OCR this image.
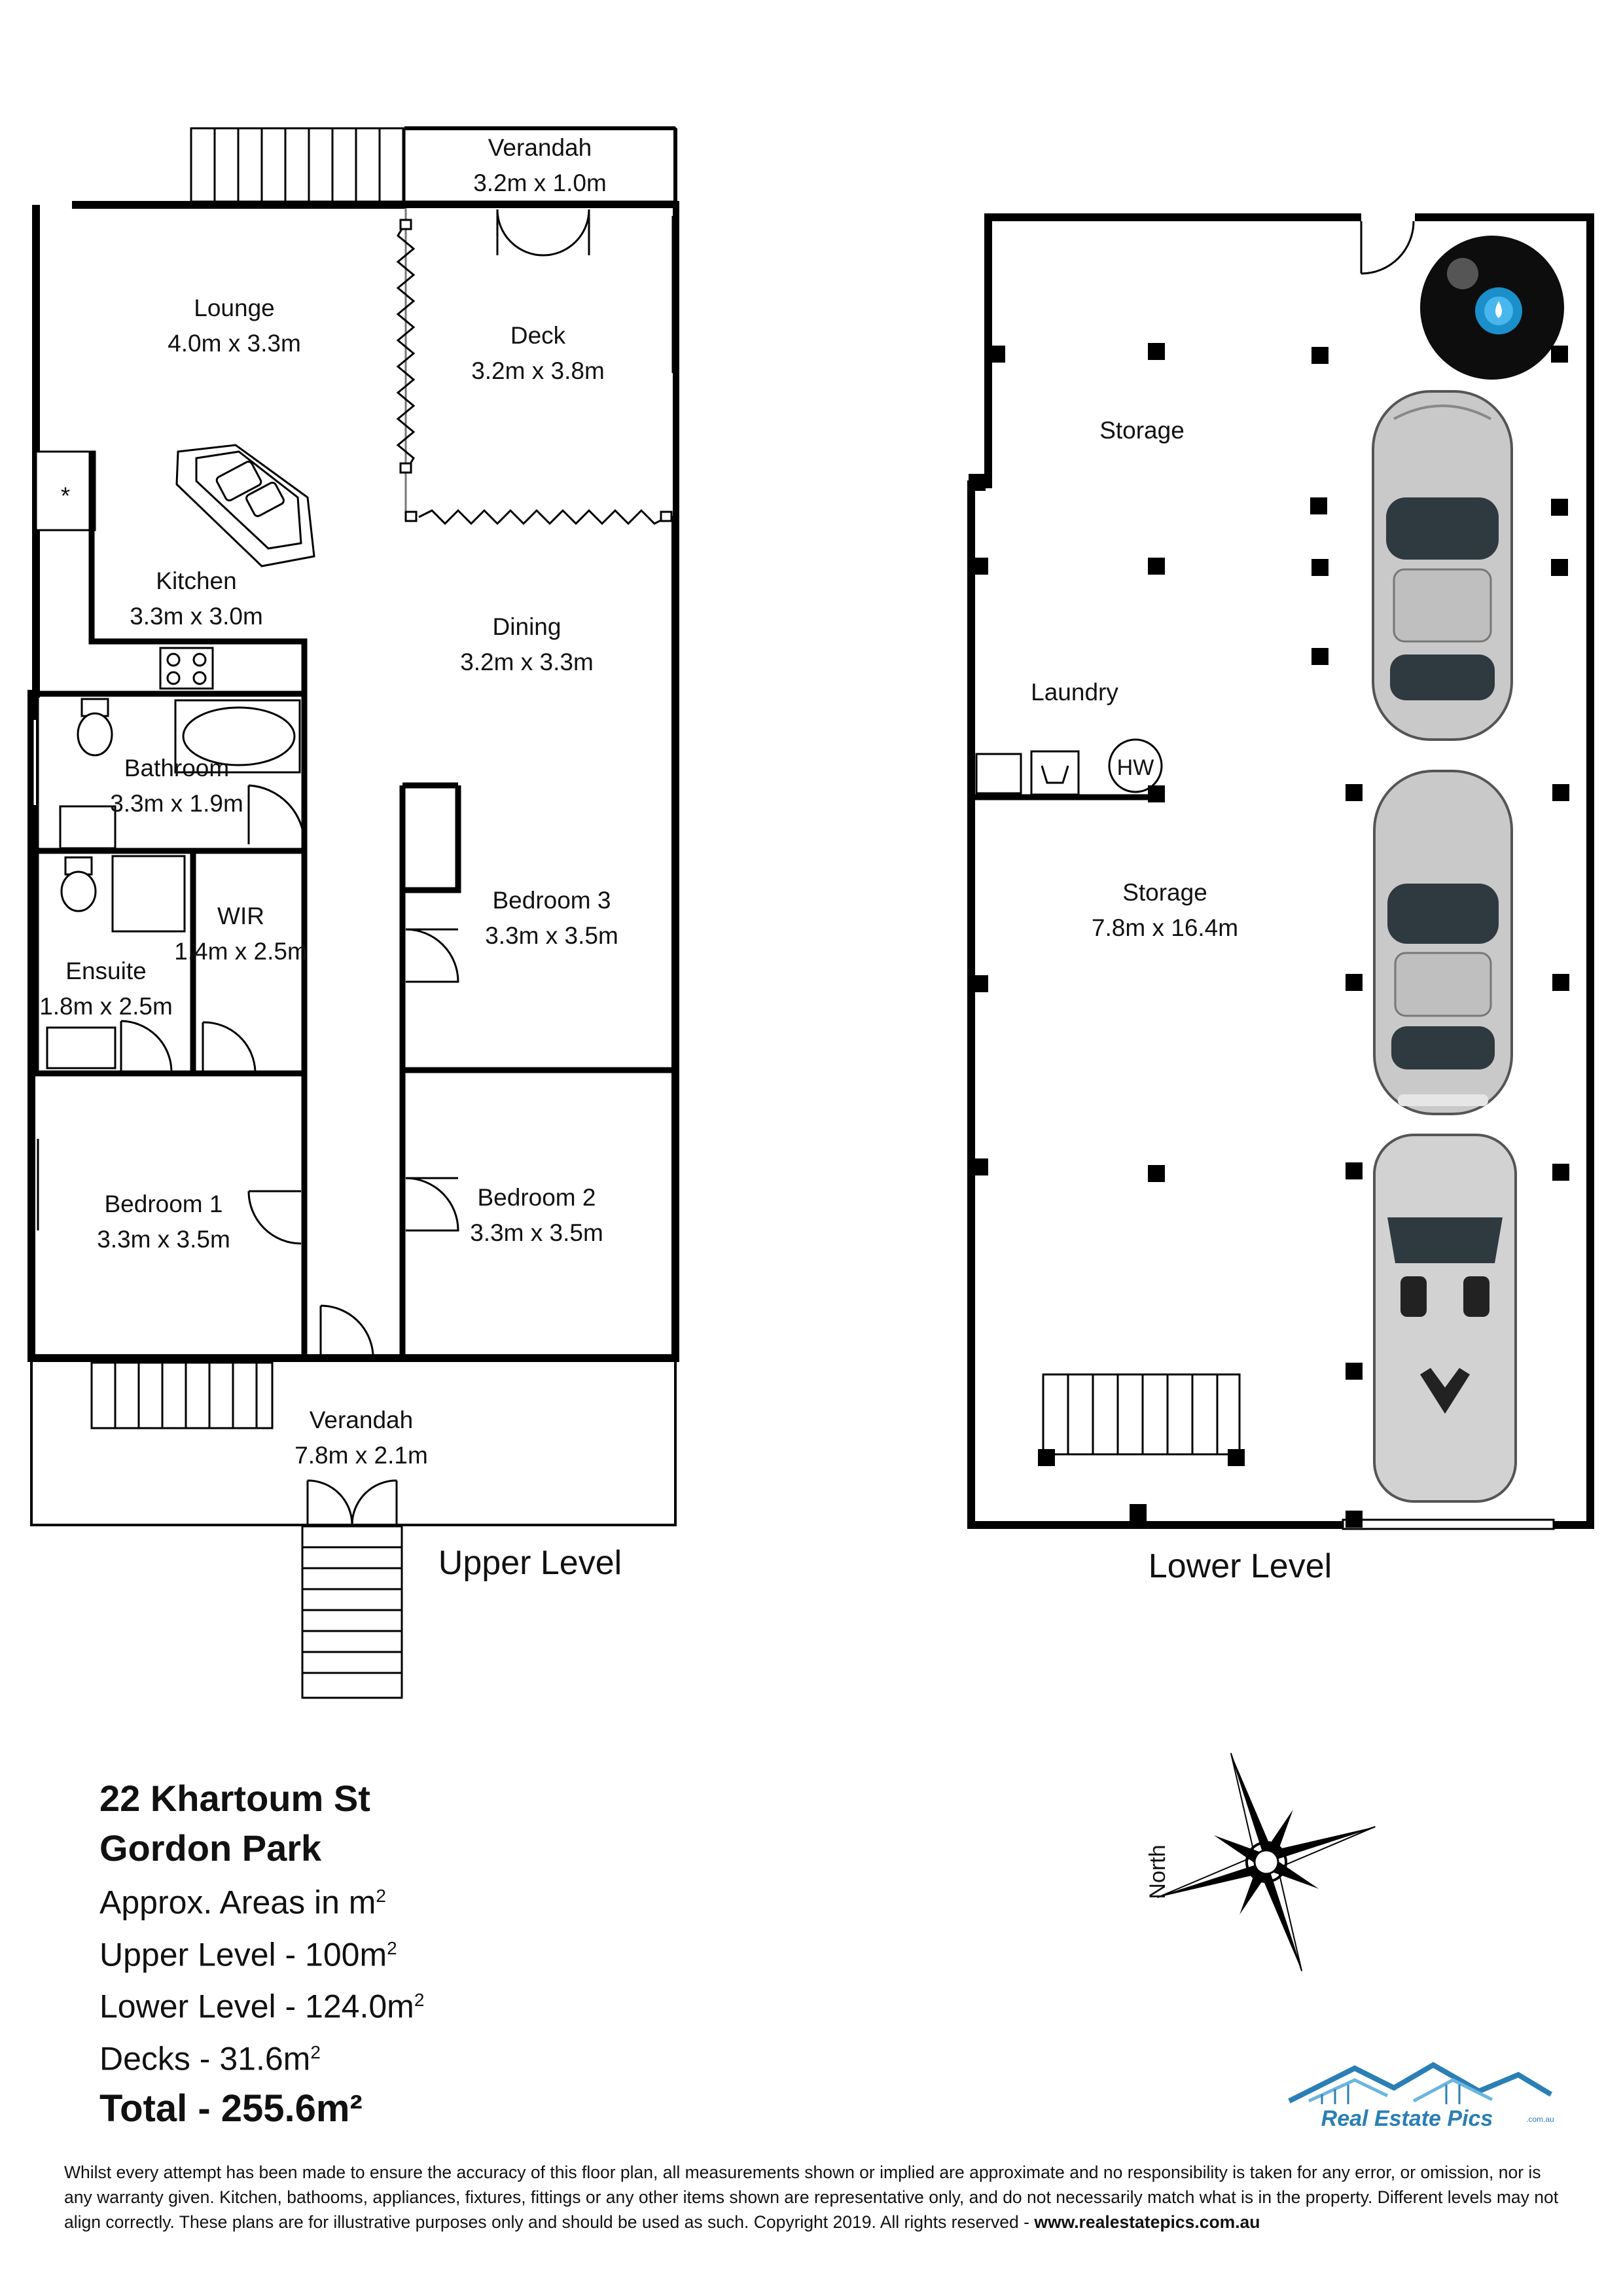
*
Verandah
3.2m x 1.0m
Lounge
4.0m x 3.3m	Deck
3.2m x 3.8m
Kitchen
3.3m x 3.0m	Dining
3.2m x 3.3m
Bathroom
3.3m x 1.9m
WIR
1.4m x 2.5m
Ensuite
1.8m x 2.5m
Bedroom 3
3.3m x 3.5m
Bedroom 1
3.3m x 3.5m
Bedroom 2
3.3m x 3.5m
Verandah
7.8m x 2.1m
Upper Level
HW
Storage
Laundry
Storage
7.8m x 16.4m
Lower Level
North
22 Khartoum St
Gordon Park
Approx. Areas in $m^2$
Upper Level - $100m^2$
Lower Level - $124.0m^2$
Decks - $31.6m^2$
Total - 255.6m²	Real Estate Pics	.com.au
Whilst every attempt has been made to ensure the accuracy of this floor plan, all measurements shown or implied are approximate and no responsibility is taken for any error, or omission, nor is any warranty given. Kitchen, bathooms, appliances, fixtures, fittings or any other items shown are representative only, and do not necessarily match what is in the property. Different levels may not align correctly. These plans are for illustrative purposes only and should be used as such. Copyright 2019. All rights reserved - www.realestatepics.com.au
